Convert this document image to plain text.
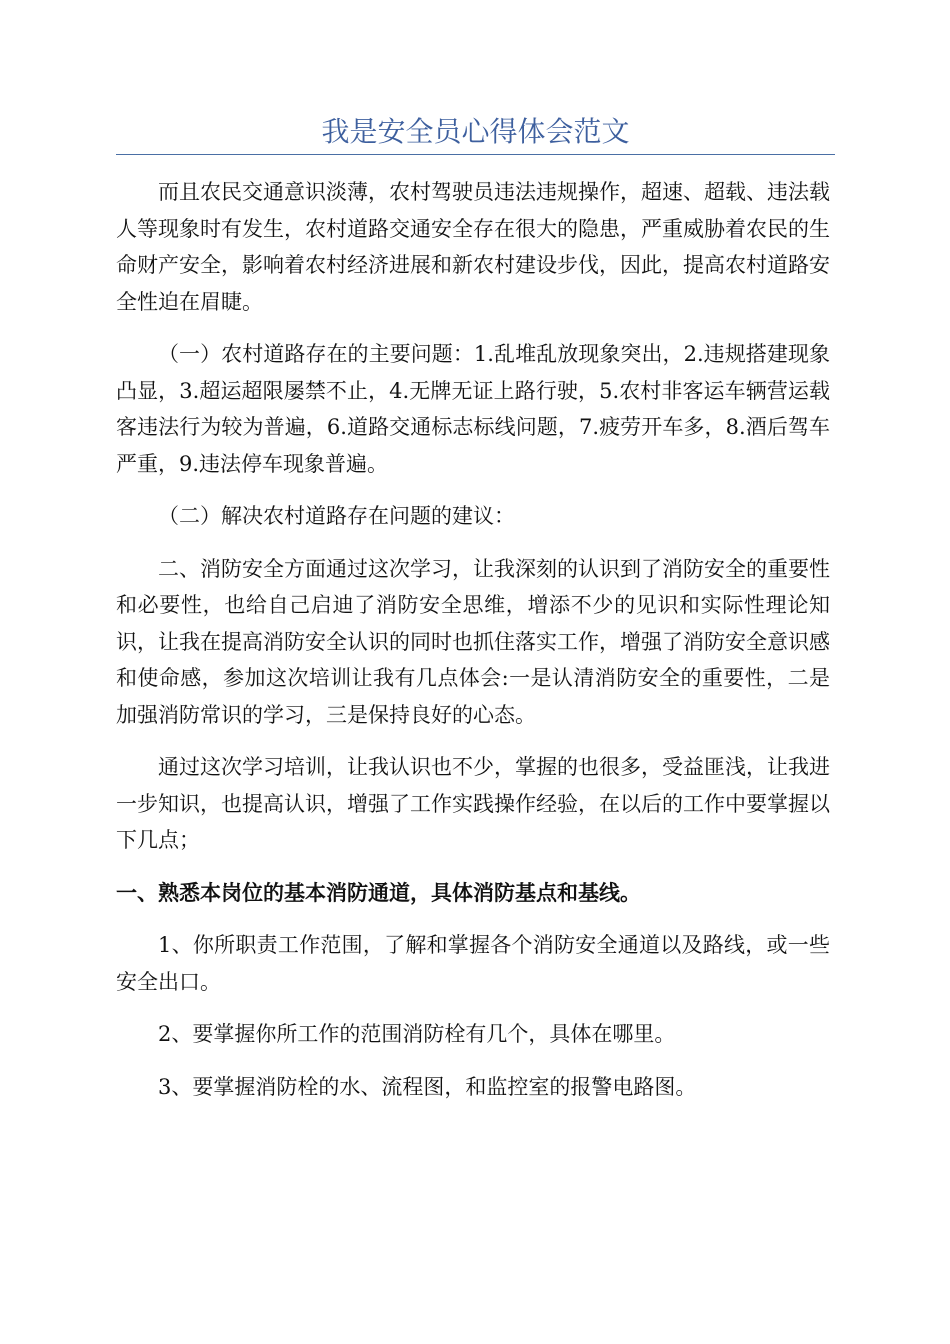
我是安全员心得体会范文

而且农民交通意识淡薄，农村驾驶员违法违规操作，超速、超载、违法载人等现象时有发生，农村道路交通安全存在很大的隐患，严重威胁着农民的生命财产安全，影响着农村经济进展和新农村建设步伐，因此，提高农村道路安全性迫在眉睫。

（一）农村道路存在的主要问题：1.乱堆乱放现象突出，2.违规搭建现象凸显，3.超运超限屡禁不止，4.无牌无证上路行驶，5.农村非客运车辆营运载客违法行为较为普遍，6.道路交通标志标线问题，7.疲劳开车多，8.酒后驾车严重，9.违法停车现象普遍。

（二）解决农村道路存在问题的建议：

二、消防安全方面通过这次学习，让我深刻的认识到了消防安全的重要性和必要性，也给自己启迪了消防安全思维，增添不少的见识和实际性理论知识，让我在提高消防安全认识的同时也抓住落实工作，增强了消防安全意识感和使命感，参加这次培训让我有几点体会:一是认清消防安全的重要性，二是加强消防常识的学习，三是保持良好的心态。

通过这次学习培训，让我认识也不少，掌握的也很多，受益匪浅，让我进一步知识，也提高认识，增强了工作实践操作经验，在以后的工作中要掌握以下几点；

一、熟悉本岗位的基本消防通道，具体消防基点和基线。

1、你所职责工作范围，了解和掌握各个消防安全通道以及路线，或一些安全出口。

2、要掌握你所工作的范围消防栓有几个，具体在哪里。

3、要掌握消防栓的水、流程图，和监控室的报警电路图。
